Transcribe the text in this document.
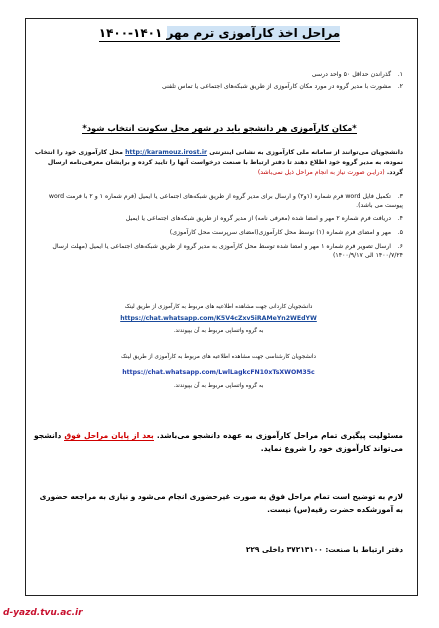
مراحل اخذ کارآموزی ترم مهر ۱۴۰۱-۱۴۰۰
۱. گذراندن حداقل ۵۰ واحد درسی
۲. مشورت با مدیر گروه در مورد مکان کارآموزی از طریق شبکه‌های اجتماعی یا تماس تلفنی
*مکان کارآموزی هر دانشجو باید در شهر محل سکونت انتخاب شود*
دانشجویان می‌توانند از سامانه ملی کارآموزی به نشانی اینترنتی http://karamouz.irost.ir محل کارآموزی خود را انتخاب نموده، به مدیر گروه خود اطلاع دهند تا دفتر ارتباط با صنعت درخواست آنها را تایید کرده و برایشان معرفی‌نامه ارسال گردد. (درایـن صورت نیاز به انجام مراحل ذیل نمی‌باشد)
۳. تکمیل فایل word فرم شماره (۱و۲) و ارسال برای مدیر گروه از طریق شبکه‌های اجتماعی یا ایمیل (فرم شماره ۱ و ۲ با فرمت word پیوست می باشد).
۴. دریافت فرم شماره ۲ مهر و امضا شده (معرفی نامه) از مدیر گروه از طریق شبکه‌های اجتماعی یا ایمیل
۵. مهر و امضای فرم شماره (۱) توسط محل کارآموزی(امضای سرپرست محل کارآموزی)
۶. ارسال تصویر فرم شماره ۱ مهر و امضا شده توسط محل کارآموزی به مدیر گروه از طریق شبکه‌های اجتماعی یا ایمیل (مهلت ارسال ۱۴۰۰/۷/۲۴ الی ۱۴۰۰/۹/۱۷)
دانشجویان کاردانی جهت مشاهده اطلاعیه های مربوط به کارآموزی از طریق لینک
https://chat.whatsapp.com/K5V4cZxv5iRAMeYn2WEdYW
به گروه واتساپی مربوط به آن بپیوندند.
دانشجویان کارشناسی جهت مشاهده اطلاعیه های مربوط به کارآموزی از طریق لینک
https://chat.whatsapp.com/LwlLagkcFN10xTsXWOM35c
به گروه واتساپی مربوط به آن بپیوندند.
مسئولیت پیگیری تمام مراحل کارآموزی به عهده دانشجو می‌باشد. بعد از پایان مراحل فوق دانشجو می‌تواند کارآموزی خود را شروع نماید.
لازم به توضیح است تمام مراحل فوق به صورت غیرحضوری انجام می‌شود و نیازی به مراجعه حضوری به آموزشکده حضرت رقیه(س) نیست.
دفتر ارتباط با صنعت: ۳۷۲۱۳۱۰۰ داخلی ۲۲۹
d-yazd.tvu.ac.ir
